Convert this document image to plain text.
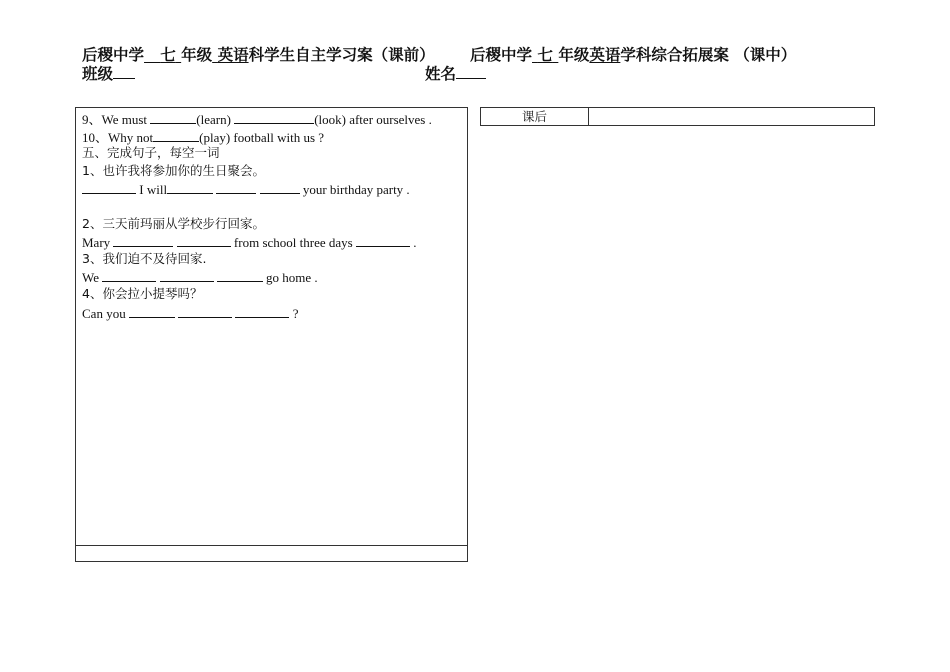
后稷中学 七 年级 英语科学生自主学习案（课前） 后稷中学 七 年级英语学科综合拓展案 （课中）
班级	姓名
9、We must	(learn)	(look) after ourselves .
10、Why not	(play) football with us ?
五、完成句子，每空一词
1、也许我将参加你的生日聚会。
I will	your birthday party .
2、三天前玛丽从学校步行回家。
Mary	from school three days	.
3、我们迫不及待回家.
We	go home .
4、你会拉小提琴吗？
Can you	?
课后
